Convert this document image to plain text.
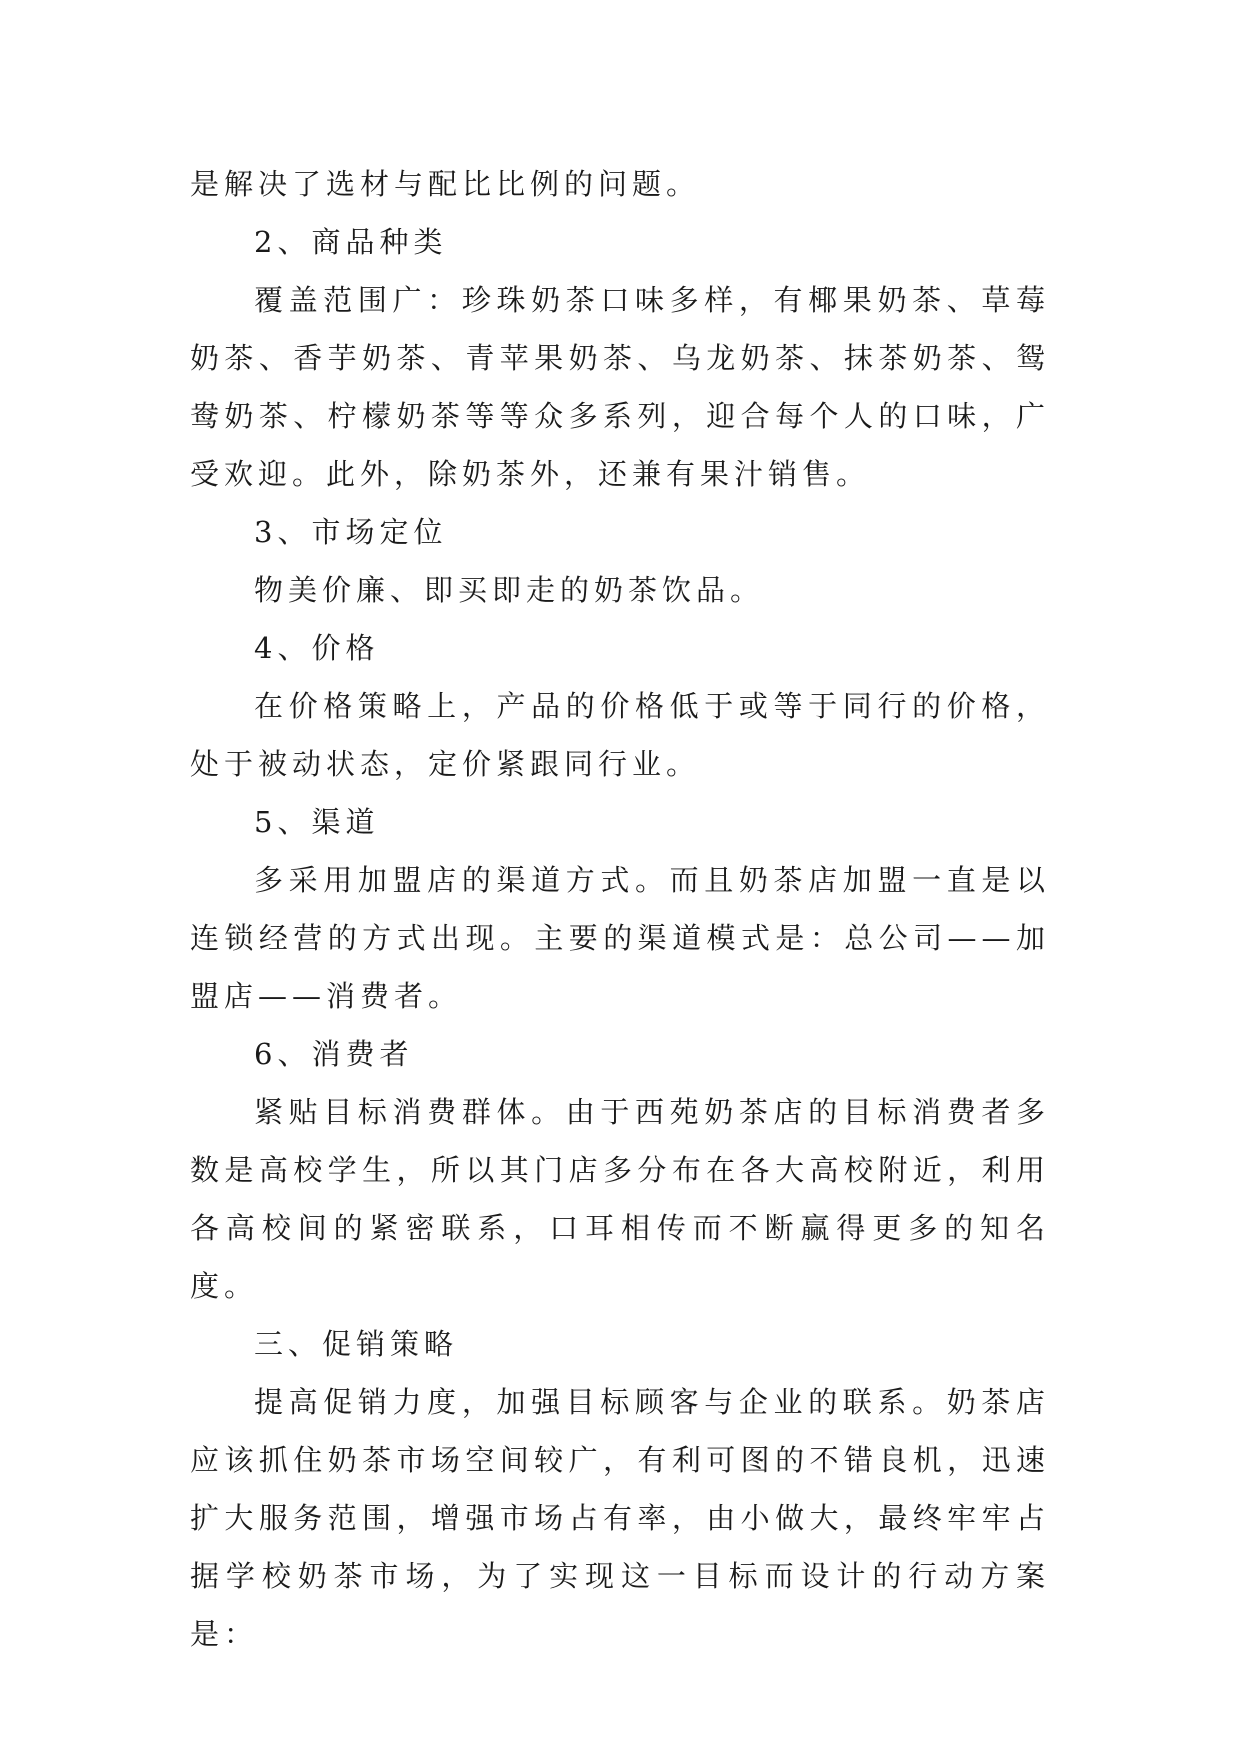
是解决了选材与配比比例的问题。

2、商品种类

覆盖范围广：珍珠奶茶口味多样，有椰果奶茶、草莓奶茶、香芋奶茶、青苹果奶茶、乌龙奶茶、抹茶奶茶、鸳鸯奶茶、柠檬奶茶等等众多系列，迎合每个人的口味，广受欢迎。此外，除奶茶外，还兼有果汁销售。

3、市场定位

物美价廉、即买即走的奶茶饮品。

4、价格

在价格策略上，产品的价格低于或等于同行的价格，处于被动状态，定价紧跟同行业。

5、渠道

多采用加盟店的渠道方式。而且奶茶店加盟一直是以连锁经营的方式出现。主要的渠道模式是：总公司——加盟店——消费者。

6、消费者

紧贴目标消费群体。由于西苑奶茶店的目标消费者多数是高校学生，所以其门店多分布在各大高校附近，利用各高校间的紧密联系，口耳相传而不断赢得更多的知名度。

三、促销策略

提高促销力度，加强目标顾客与企业的联系。奶茶店应该抓住奶茶市场空间较广，有利可图的不错良机，迅速扩大服务范围，增强市场占有率，由小做大，最终牢牢占据学校奶茶市场，为了实现这一目标而设计的行动方案是：
